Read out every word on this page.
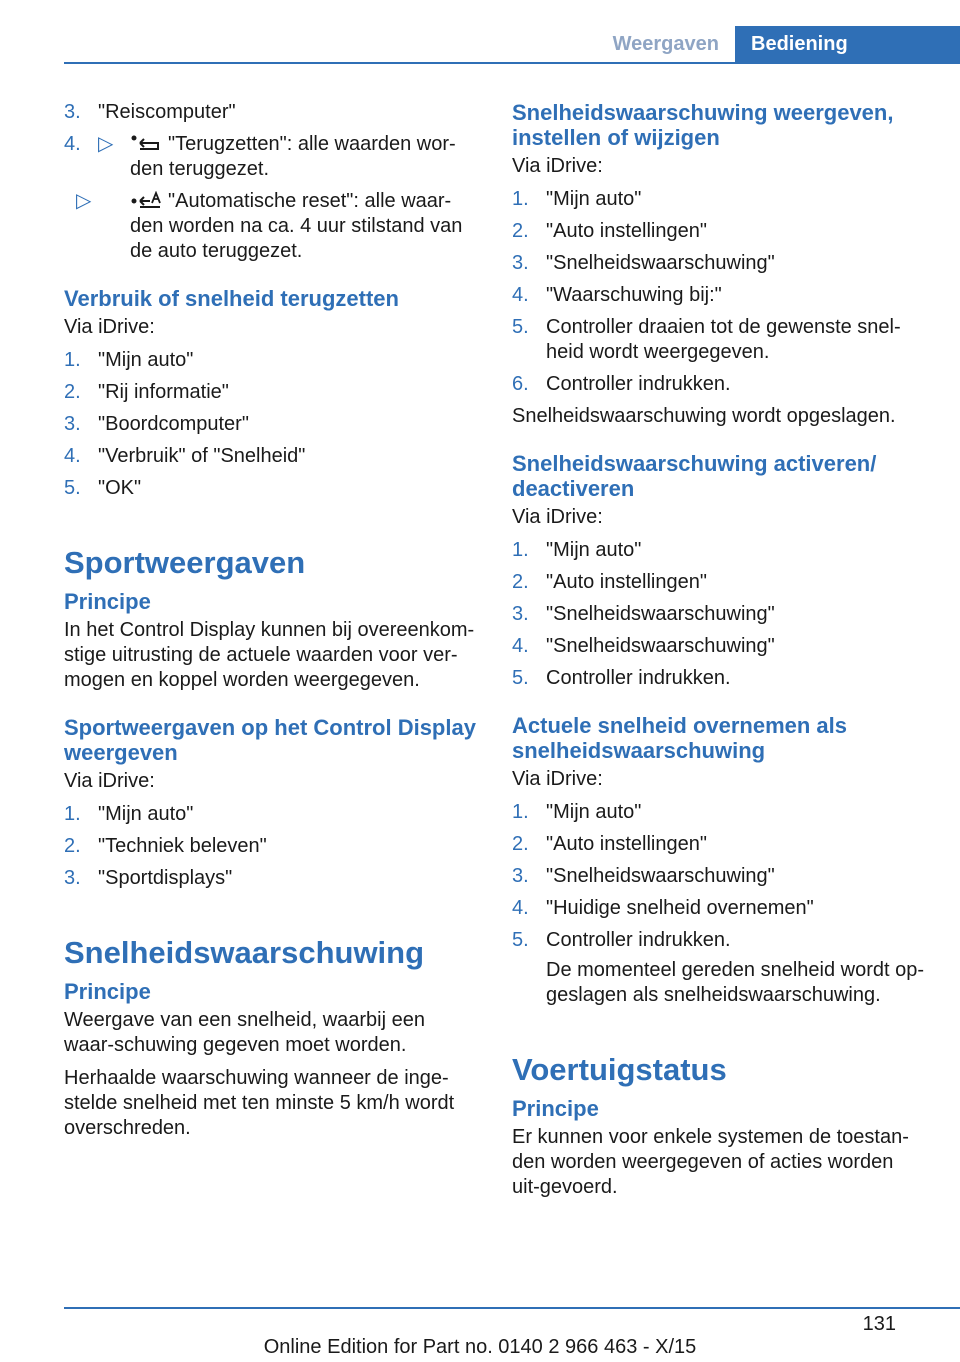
Weergaven	Bediening
3. "Reiscomputer"
4. ▷	"Terugzetten": alle waarden wor-den teruggezet.
▷	"Automatische reset": alle waar-den worden na ca. 4 uur stilstand van de auto teruggezet.
Verbruik of snelheid terugzetten

Via iDrive:

1. "Mijn auto"
2. "Rij informatie"
3. "Boordcomputer"
4. "Verbruik" of "Snelheid"
5. "OK"
Sportweergaven
Principe

In het Control Display kunnen bij overeenkom-stige uitrusting de actuele waarden voor ver-mogen en koppel worden weergegeven.

Sportweergaven op het Control Display weergeven

Via iDrive:

1. "Mijn auto"
2. "Techniek beleven"
3. "Sportdisplays"
Snelheidswaarschuwing
Principe

Weergave van een snelheid, waarbij een waar-schuwing gegeven moet worden.

Herhaalde waarschuwing wanneer de inge-stelde snelheid met ten minste 5 km/h wordt overschreden.

Snelheidswaarschuwing weergeven, instellen of wijzigen

Via iDrive:

1. "Mijn auto"
2. "Auto instellingen"
3. "Snelheidswaarschuwing"
4. "Waarschuwing bij:"
5. Controller draaien tot de gewenste snel-heid wordt weergegeven.
6. Controller indrukken.

Snelheidswaarschuwing wordt opgeslagen.

Snelheidswaarschuwing activeren/ deactiveren

Via iDrive:

1. "Mijn auto"
2. "Auto instellingen"
3. "Snelheidswaarschuwing"
4. "Snelheidswaarschuwing"
5. Controller indrukken.
Actuele snelheid overnemen als snelheidswaarschuwing

Via iDrive:

1. "Mijn auto"
2. "Auto instellingen"
3. "Snelheidswaarschuwing"
4. "Huidige snelheid overnemen"
5. Controller indrukken.
De momenteel gereden snelheid wordt op-geslagen als snelheidswaarschuwing.
Voertuigstatus
Principe

Er kunnen voor enkele systemen de toestan-den worden weergegeven of acties worden uit-gevoerd.

131
Online Edition for Part no. 0140 2 966 463 - X/15
